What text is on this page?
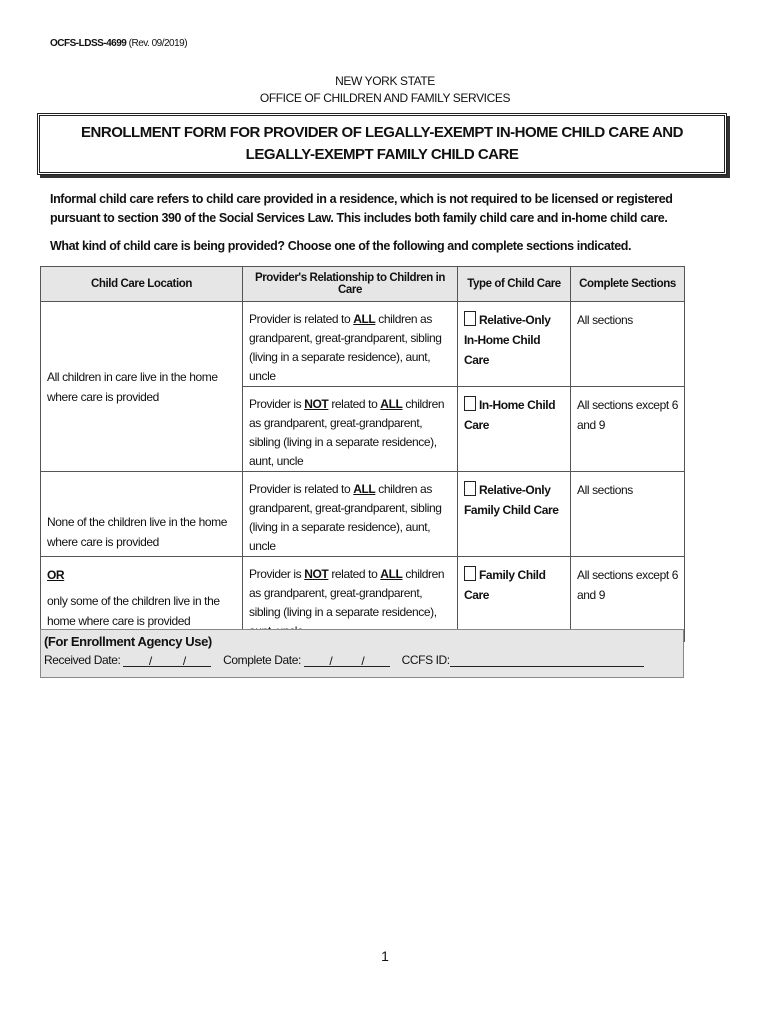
OCFS-LDSS-4699 (Rev. 09/2019)
NEW YORK STATE
OFFICE OF CHILDREN AND FAMILY SERVICES
ENROLLMENT FORM FOR PROVIDER OF LEGALLY-EXEMPT IN-HOME CHILD CARE AND LEGALLY-EXEMPT FAMILY CHILD CARE
Informal child care refers to child care provided in a residence, which is not required to be licensed or registered pursuant to section 390 of the Social Services Law. This includes both family child care and in-home child care.
What kind of child care is being provided? Choose one of the following and complete sections indicated.
Child Care Location	Provider's Relationship to Children in Care	Type of Child Care	Complete Sections
All children in care live in the home where care is provided	Provider is related to ALL children as grandparent, great-grandparent, sibling (living in a separate residence), aunt, uncle	Relative-Only In-Home Child Care	All sections
	Provider is NOT related to ALL children as grandparent, great-grandparent, sibling (living in a separate residence), aunt, uncle	In-Home Child Care	All sections except 6 and 9
None of the children live in the home where care is provided	Provider is related to ALL children as grandparent, great-grandparent, sibling (living in a separate residence), aunt, uncle	Relative-Only Family Child Care	All sections

OR
only some of the children live in the home where care is provided	Provider is NOT related to ALL children as grandparent, great-grandparent, sibling (living in a separate residence),	Family Child Care	All sections except 6 and 9
(For Enrollment Agency Use)
Received Date: /	/	Complete Date: / /	CCFS ID:
1
